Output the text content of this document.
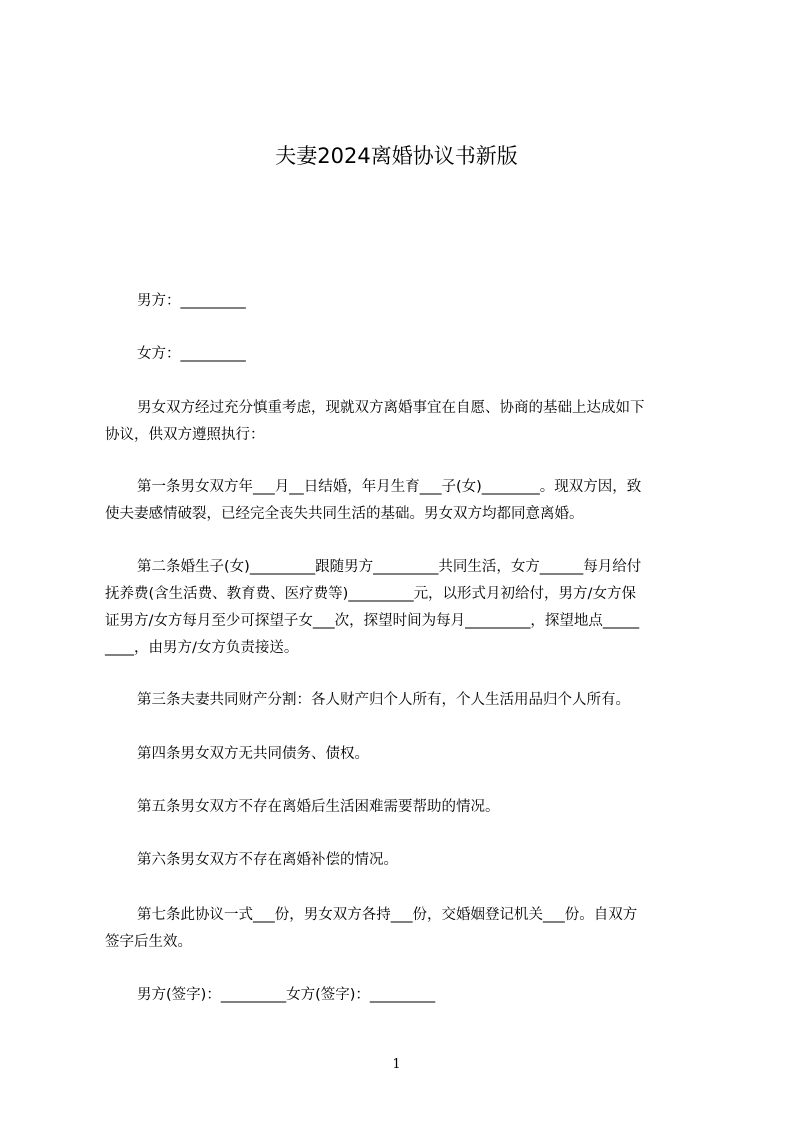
夫妻2024离婚协议书新版

男方：_________

女方：_________

男女双方经过充分慎重考虑，现就双方离婚事宜在自愿、协商的基础上达成如下
协议，供双方遵照执行：
第一条男女双方年___月__日结婚，年月生育___子(女)________。现双方因，致
使夫妻感情破裂，已经完全丧失共同生活的基础。男女双方均都同意离婚。
第二条婚生子(女)_________跟随男方_________共同生活，女方______每月给付
抚养费(含生活费、教育费、医疗费等)_________元，以形式月初给付，男方/女方保
证男方/女方每月至少可探望子女___次，探望时间为每月_________，探望地点_____
____，由男方/女方负责接送。

第三条夫妻共同财产分割：各人财产归个人所有，个人生活用品归个人所有。

第四条男女双方无共同债务、债权。

第五条男女双方不存在离婚后生活困难需要帮助的情况。

第六条男女双方不存在离婚补偿的情况。

第七条此协议一式___份，男女双方各持___份，交婚姻登记机关___份。自双方
签字后生效。

男方(签字)：_________女方(签字)：_________

1
